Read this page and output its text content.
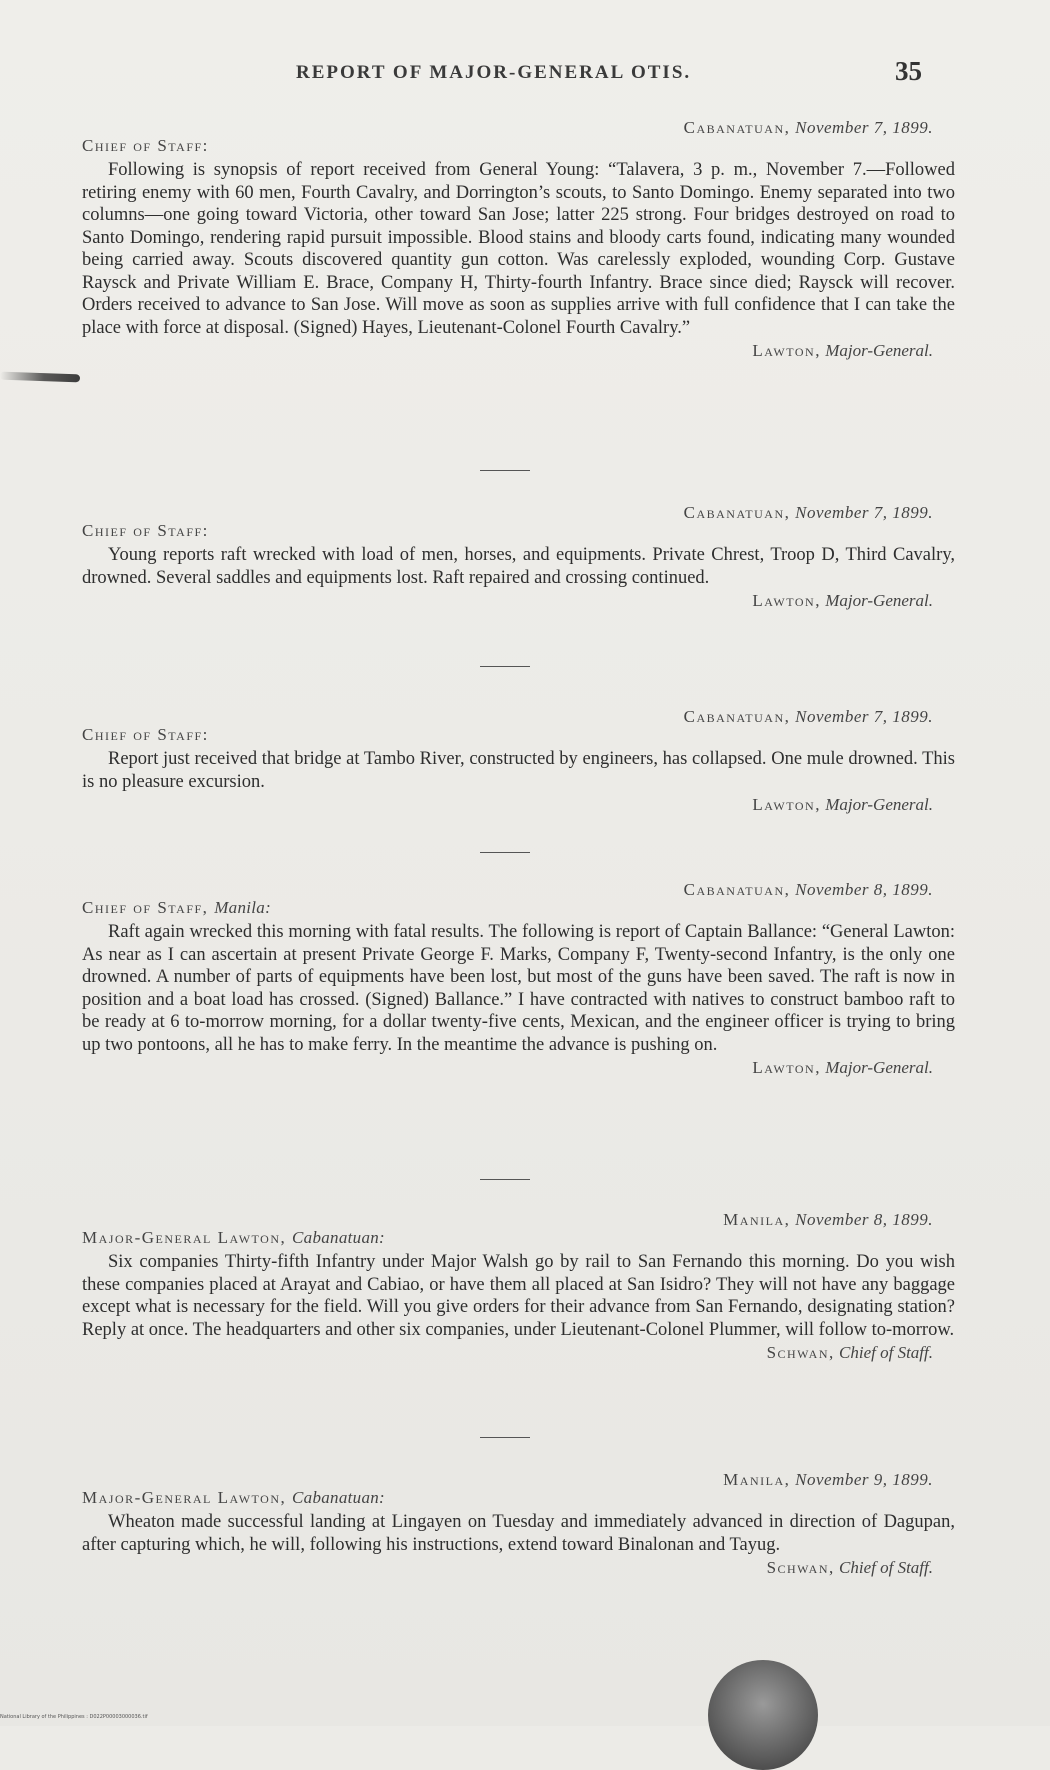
REPORT OF MAJOR-GENERAL OTIS.	35
Cabanatuan, November 7, 1899.
Chief of Staff:
Following is synopsis of report received from General Young: “Talavera, 3 p. m., November 7.—Followed retiring enemy with 60 men, Fourth Cavalry, and Dorrington’s scouts, to Santo Domingo. Enemy separated into two columns—one going toward Victoria, other toward San Jose; latter 225 strong. Four bridges destroyed on road to Santo Domingo, rendering rapid pursuit impossible. Blood stains and bloody carts found, indicating many wounded being carried away. Scouts discovered quantity gun cotton. Was carelessly exploded, wounding Corp. Gustave Raysck and Private William E. Brace, Company H, Thirty-fourth Infantry. Brace since died; Raysck will recover. Orders received to advance to San Jose. Will move as soon as supplies arrive with full confidence that I can take the place with force at disposal. (Signed) Hayes, Lieutenant-Colonel Fourth Cavalry.”
Lawton, Major-General.
Cabanatuan, November 7, 1899.
Chief of Staff:
Young reports raft wrecked with load of men, horses, and equipments. Private Chrest, Troop D, Third Cavalry, drowned. Several saddles and equipments lost. Raft repaired and crossing continued.
Lawton, Major-General.
Cabanatuan, November 7, 1899.
Chief of Staff:
Report just received that bridge at Tambo River, constructed by engineers, has collapsed. One mule drowned. This is no pleasure excursion.
Lawton, Major-General.
Cabanatuan, November 8, 1899.
Chief of Staff, Manila:
Raft again wrecked this morning with fatal results. The following is report of Captain Ballance: “General Lawton: As near as I can ascertain at present Private George F. Marks, Company F, Twenty-second Infantry, is the only one drowned. A number of parts of equipments have been lost, but most of the guns have been saved. The raft is now in position and a boat load has crossed. (Signed) Ballance.” I have contracted with natives to construct bamboo raft to be ready at 6 to-morrow morning, for a dollar twenty-five cents, Mexican, and the engineer officer is trying to bring up two pontoons, all he has to make ferry. In the meantime the advance is pushing on.
Lawton, Major-General.
Manila, November 8, 1899.
Major-General Lawton, Cabanatuan:
Six companies Thirty-fifth Infantry under Major Walsh go by rail to San Fernando this morning. Do you wish these companies placed at Arayat and Cabiao, or have them all placed at San Isidro? They will not have any baggage except what is necessary for the field. Will you give orders for their advance from San Fernando, designating station? Reply at once. The headquarters and other six companies, under Lieutenant-Colonel Plummer, will follow to-morrow.
Schwan, Chief of Staff.
Manila, November 9, 1899.
Major-General Lawton, Cabanatuan:
Wheaton made successful landing at Lingayen on Tuesday and immediately advanced in direction of Dagupan, after capturing which, he will, following his instructions, extend toward Binalonan and Tayug.
Schwan, Chief of Staff.
National Library of the Philippines : D022P00003000036.tif
